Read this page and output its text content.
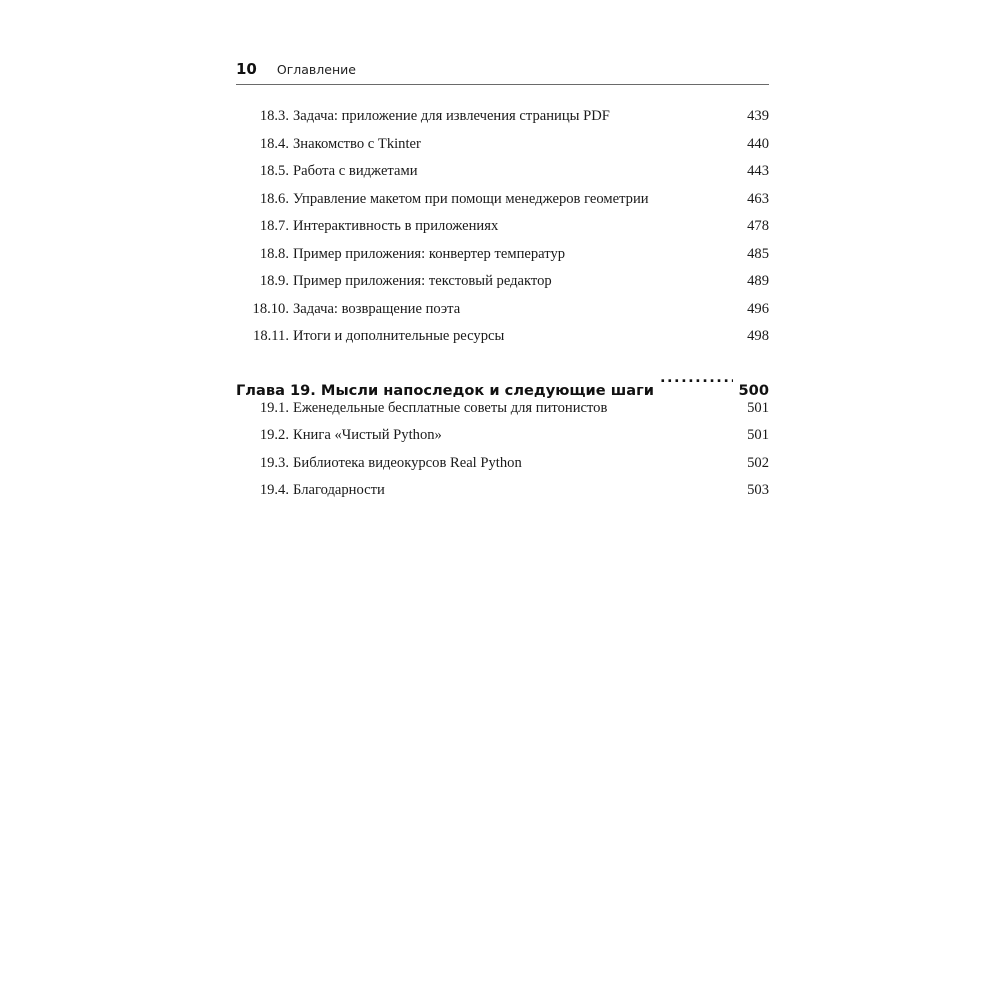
10 Оглавление
18.3. Задача: приложение для извлечения страницы PDF	439
18.4. Знакомство с Tkinter	440
18.5. Работа с виджетами	443
18.6. Управление макетом при помощи менеджеров геометрии	463
18.7. Интерактивность в приложениях	478
18.8. Пример приложения: конвертер температур	485
18.9. Пример приложения: текстовый редактор	489
18.10. Задача: возвращение поэта	496
18.11. Итоги и дополнительные ресурсы	498
Глава 19. Мысли напоследок и следующие шаги .....	500
19.1. Еженедельные бесплатные советы для питонистов	501
19.2. Книга «Чистый Python»	501
19.3. Библиотека видеокурсов Real Python	502
19.4. Благодарности	503
